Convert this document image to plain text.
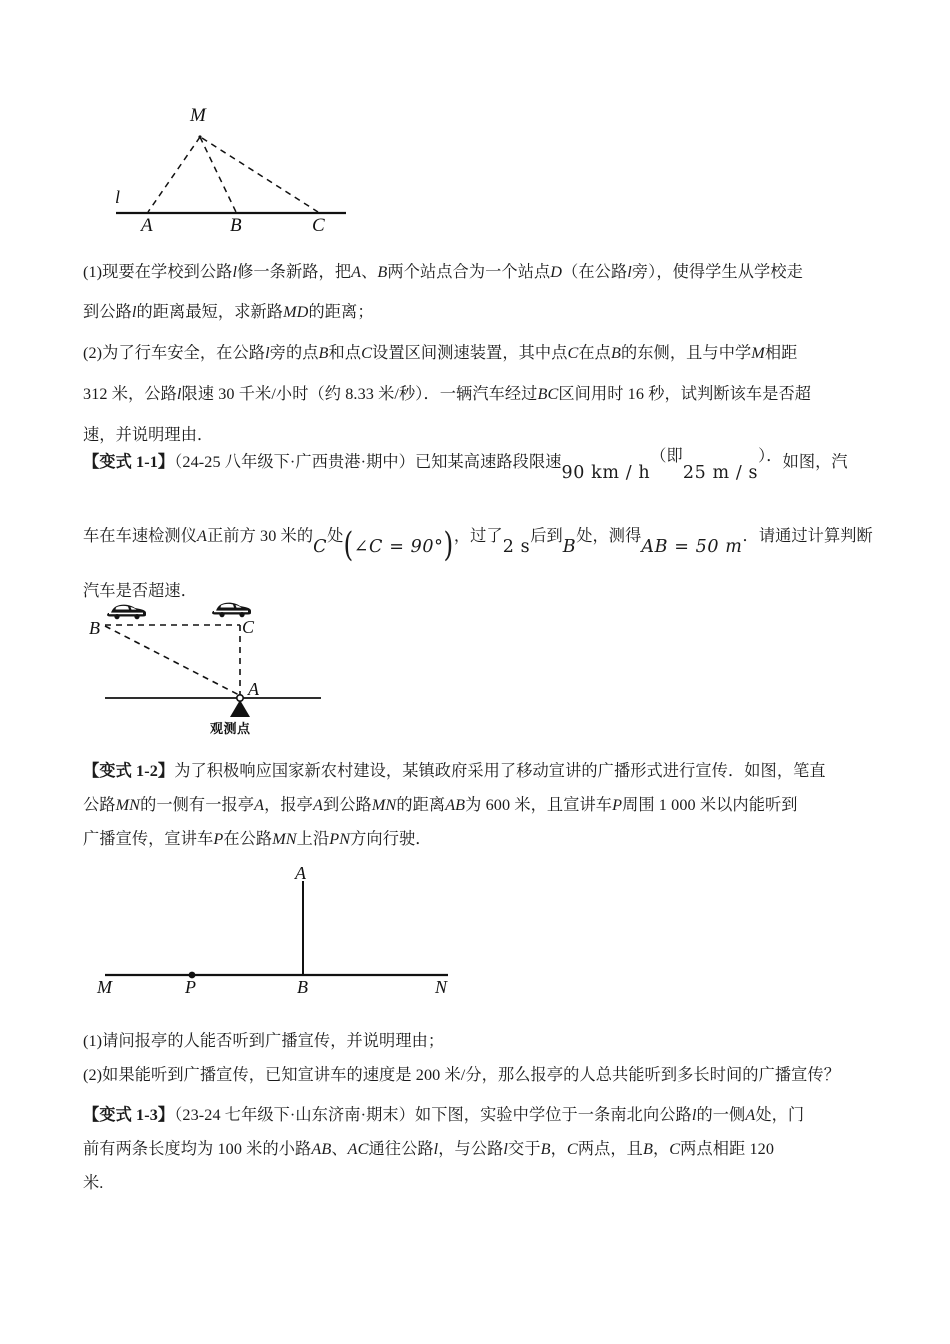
M
l
A	B	C
(1)现要在学校到公路l修一条新路，把A、B两个站点合为一个站点D（在公路l旁），使得学生从学校走
到公路l的距离最短，求新路MD的距离；
(2)为了行车安全，在公路l旁的点B和点C设置区间测速装置，其中点C在点B的东侧，且与中学M相距
312 米，公路l限速 30 千米/小时（约 8.33 米/秒）．一辆汽车经过BC区间用时 16 秒，试判断该车是否超
速，并说明理由．
【变式 1-1】（24-25 八年级下·广西贵港·期中）已知某高速路段限速90 km / h（即25 m / s）．如图，汽
车在车速检测仪A正前方 30 米的C处(∠C = 90°)，过了2 s后到B处，测得AB = 50 m．请通过计算判断
汽车是否超速．
B	C
A
观测点
【变式 1-2】为了积极响应国家新农村建设，某镇政府采用了移动宣讲的广播形式进行宣传．如图，笔直
公路MN的一侧有一报亭A，报亭A到公路MN的距离AB为 600 米，且宣讲车P周围 1 000 米以内能听到
广播宣传，宣讲车P在公路MN上沿PN方向行驶．
A
M	P	B	N
(1)请问报亭的人能否听到广播宣传，并说明理由；
(2)如果能听到广播宣传，已知宣讲车的速度是 200 米/分，那么报亭的人总共能听到多长时间的广播宣传？
【变式 1-3】（23-24 七年级下·山东济南·期末）如下图，实验中学位于一条南北向公路l的一侧A处，门
前有两条长度均为 100 米的小路AB、AC通往公路l，与公路l交于B，C两点，且B，C两点相距 120
米.
